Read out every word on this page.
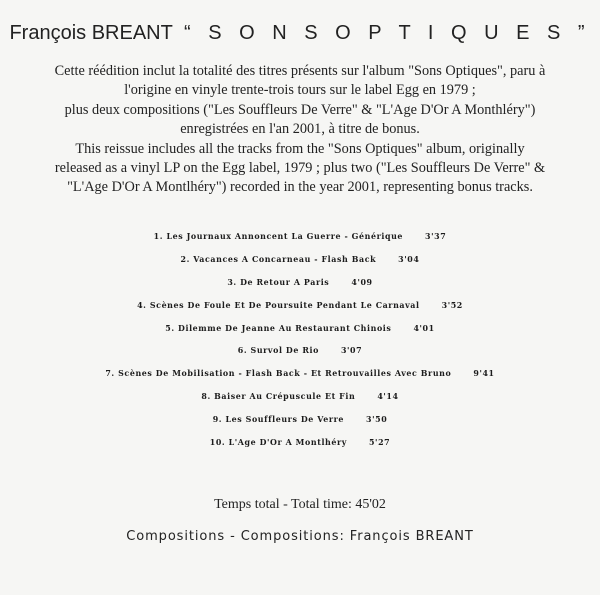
François BREANT “ S O N S O P T I Q U E S ”
Cette réédition inclut la totalité des titres présents sur l'album "Sons Optiques", paru à
l'origine en vinyle trente-trois tours sur le label Egg en 1979 ;
plus deux compositions ("Les Souffleurs De Verre" & "L'Age D'Or A Monthléry")
enregistrées en l'an 2001, à titre de bonus.
This reissue includes all the tracks from the "Sons Optiques" album, originally
released as a vinyl LP on the Egg label, 1979 ; plus two ("Les Souffleurs De Verre" &
"L'Age D'Or A Montlhéry") recorded in the year 2001, representing bonus tracks.
1. Les Journaux Annoncent La Guerre - Générique	3'37
2. Vacances A Concarneau - Flash Back	3'04
3. De Retour A Paris	4'09
4. Scènes De Foule Et De Poursuite Pendant Le Carnaval	3'52
5. Dilemme De Jeanne Au Restaurant Chinois	4'01
6. Survol De Rio	3'07
7. Scènes De Mobilisation - Flash Back - Et Retrouvailles Avec Bruno	9'41
8. Baiser Au Crépuscule Et Fin	4'14
9. Les Souffleurs De Verre	3'50
10. L'Age D'Or A Montlhéry	5'27
Temps total - Total time: 45'02
Compositions - Compositions: François BREANT
